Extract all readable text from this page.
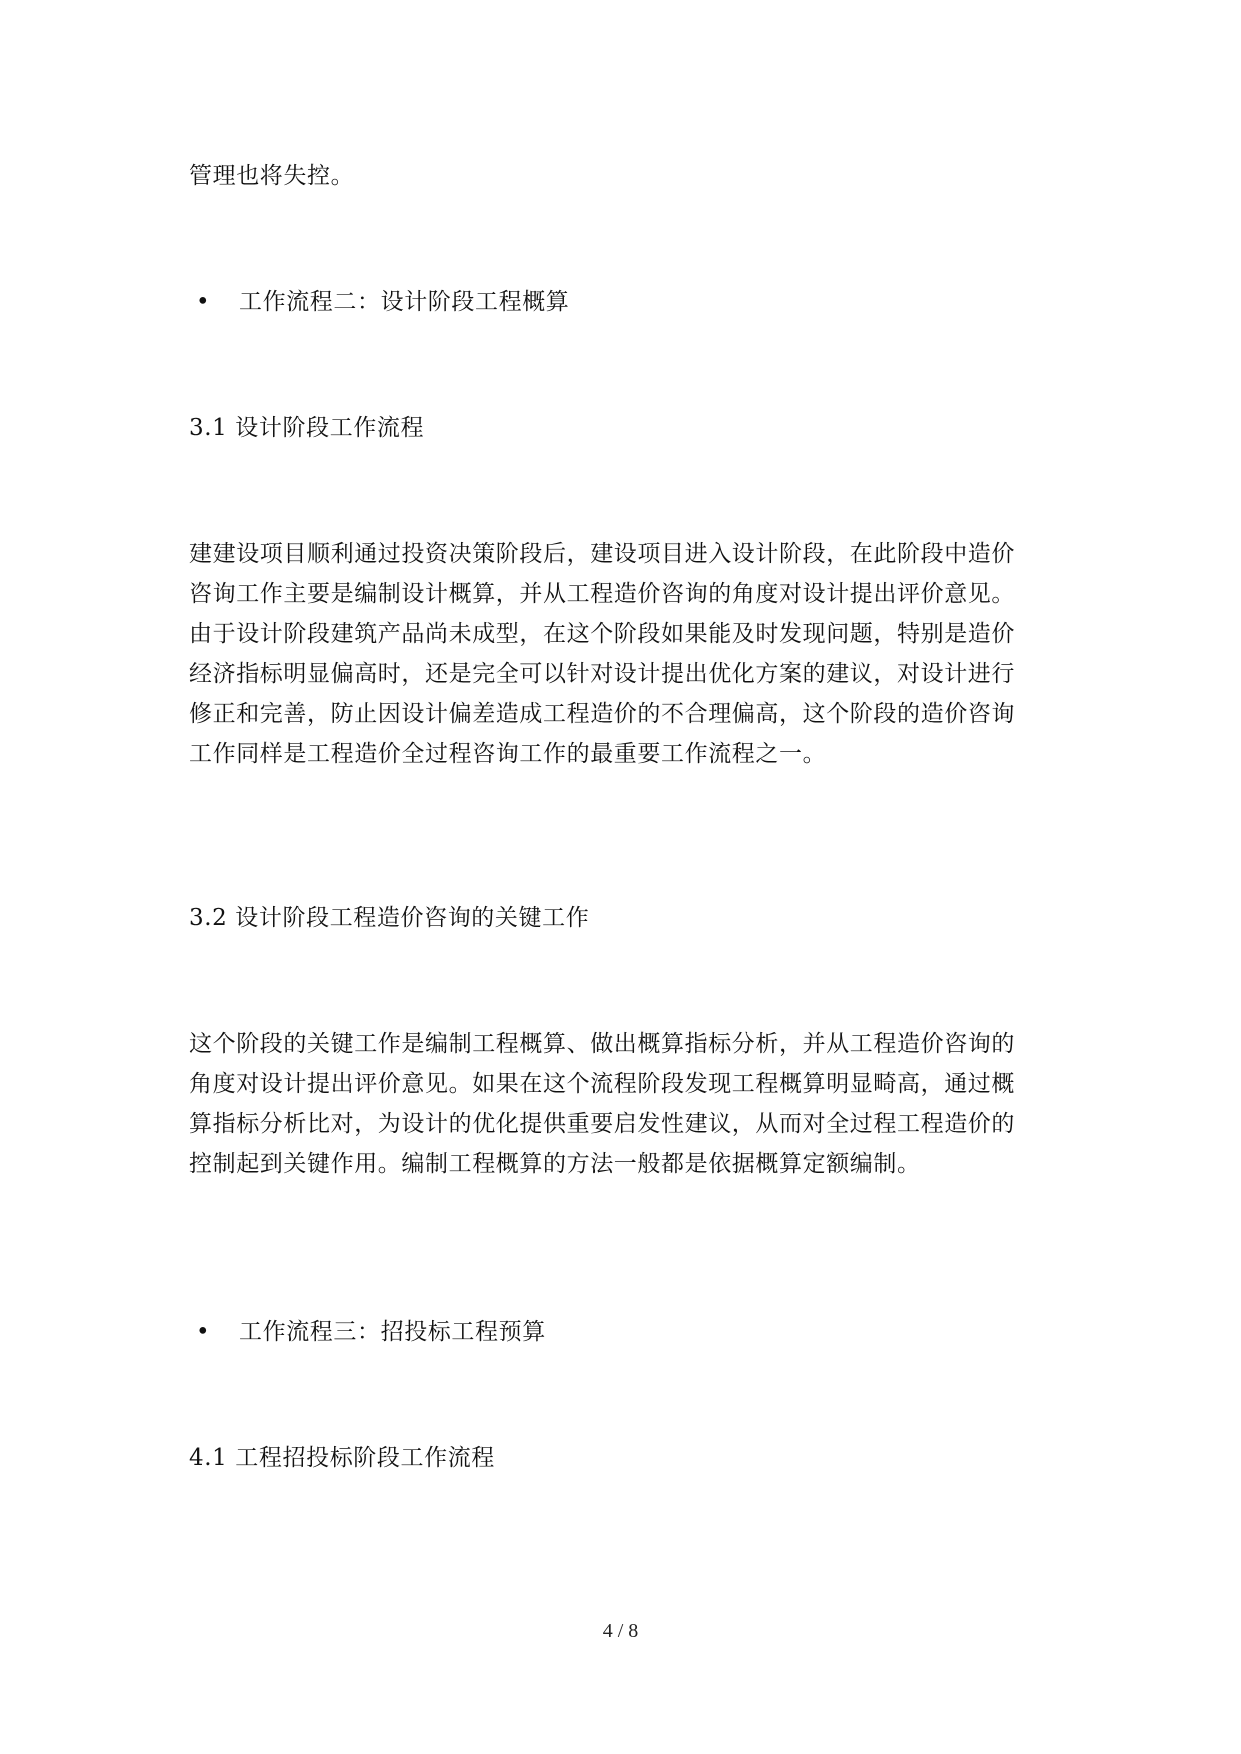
管理也将失控。
• 工作流程二：设计阶段工程概算
3.1 设计阶段工作流程
建建设项目顺利通过投资决策阶段后，建设项目进入设计阶段，在此阶段中造价
咨询工作主要是编制设计概算，并从工程造价咨询的角度对设计提出评价意见。
由于设计阶段建筑产品尚未成型，在这个阶段如果能及时发现问题，特别是造价
经济指标明显偏高时，还是完全可以针对设计提出优化方案的建议，对设计进行
修正和完善，防止因设计偏差造成工程造价的不合理偏高，这个阶段的造价咨询
工作同样是工程造价全过程咨询工作的最重要工作流程之一。
3.2 设计阶段工程造价咨询的关键工作
这个阶段的关键工作是编制工程概算、做出概算指标分析，并从工程造价咨询的
角度对设计提出评价意见。如果在这个流程阶段发现工程概算明显畸高，通过概
算指标分析比对，为设计的优化提供重要启发性建议，从而对全过程工程造价的
控制起到关键作用。编制工程概算的方法一般都是依据概算定额编制。
• 工作流程三：招投标工程预算
4.1 工程招投标阶段工作流程
4 / 8
